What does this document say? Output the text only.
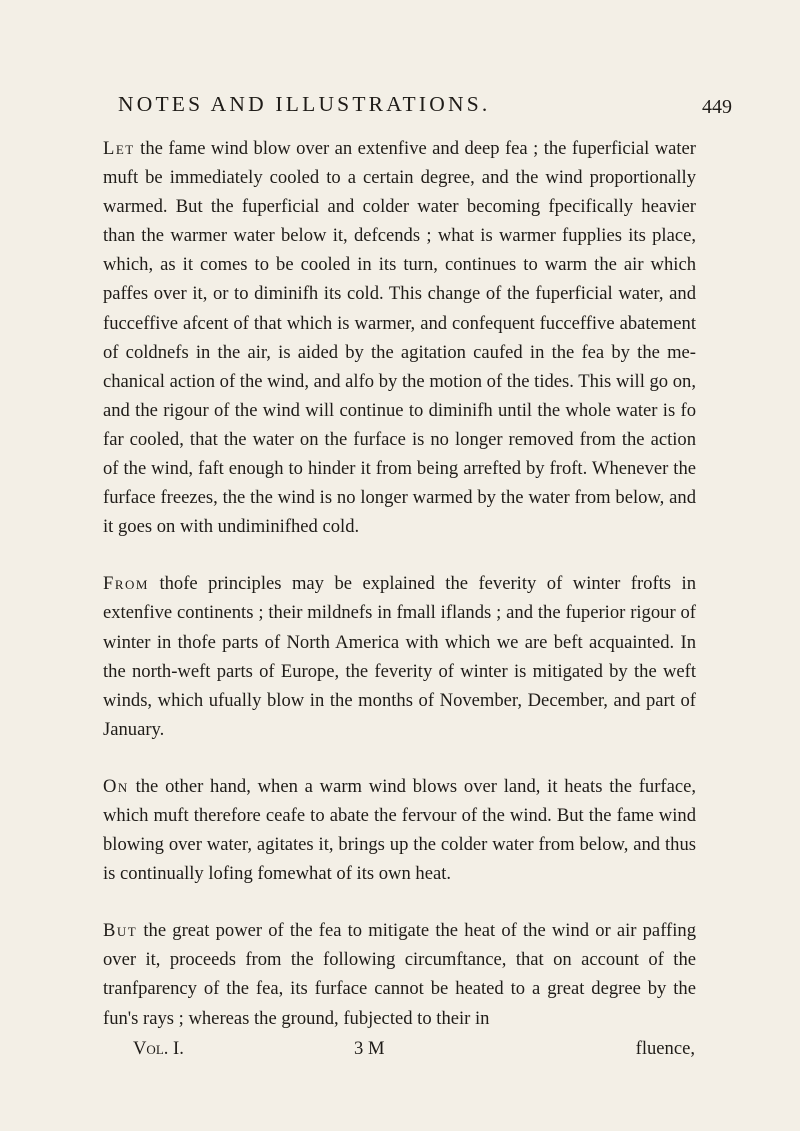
NOTES AND ILLUSTRATIONS.	449

Let the fame wind blow over an extenfive and deep fea ; the fuperficial water muft be immediately cooled to a certain degree, and the wind proportionally warmed. But the fuperficial and colder water becoming fpecifically heavier than the warmer water below it, defcends ; what is warmer fupplies its place, which, as it comes to be cooled in its turn, continues to warm the air which paffes over it, or to diminifh its cold. This change of the fuperficial water, and fucceffive afcent of that which is warmer, and confequent fucceffive abatement of coldnefs in the air, is aided by the agitation caufed in the fea by the mechanical action of the wind, and alfo by the motion of the tides. This will go on, and the rigour of the wind will continue to diminifh until the whole water is fo far cooled, that the water on the furface is no longer removed from the action of the wind, faft enough to hinder it from being arrefted by froft. Whenever the furface freezes, the the wind is no longer warmed by the water from below, and it goes on with undiminifhed cold.

From thofe principles may be explained the feverity of winter frofts in extenfive continents ; their mildnefs in fmall iflands ; and the fuperior rigour of winter in thofe parts of North America with which we are beft acquainted. In the north-weft parts of Europe, the feverity of winter is mitigated by the weft winds, which ufually blow in the months of November, December, and part of January.

On the other hand, when a warm wind blows over land, it heats the furface, which muft therefore ceafe to abate the fervour of the wind. But the fame wind blowing over water, agitates it, brings up the colder water from below, and thus is continually lofing fomewhat of its own heat.

But the great power of the fea to mitigate the heat of the wind or air paffing over it, proceeds from the following circumftance, that on account of the tranfparency of the fea, its furface cannot be heated to a great degree by the fun's rays ; whereas the ground, fubjected to their in

Vol. I.	3 M	fluence,
